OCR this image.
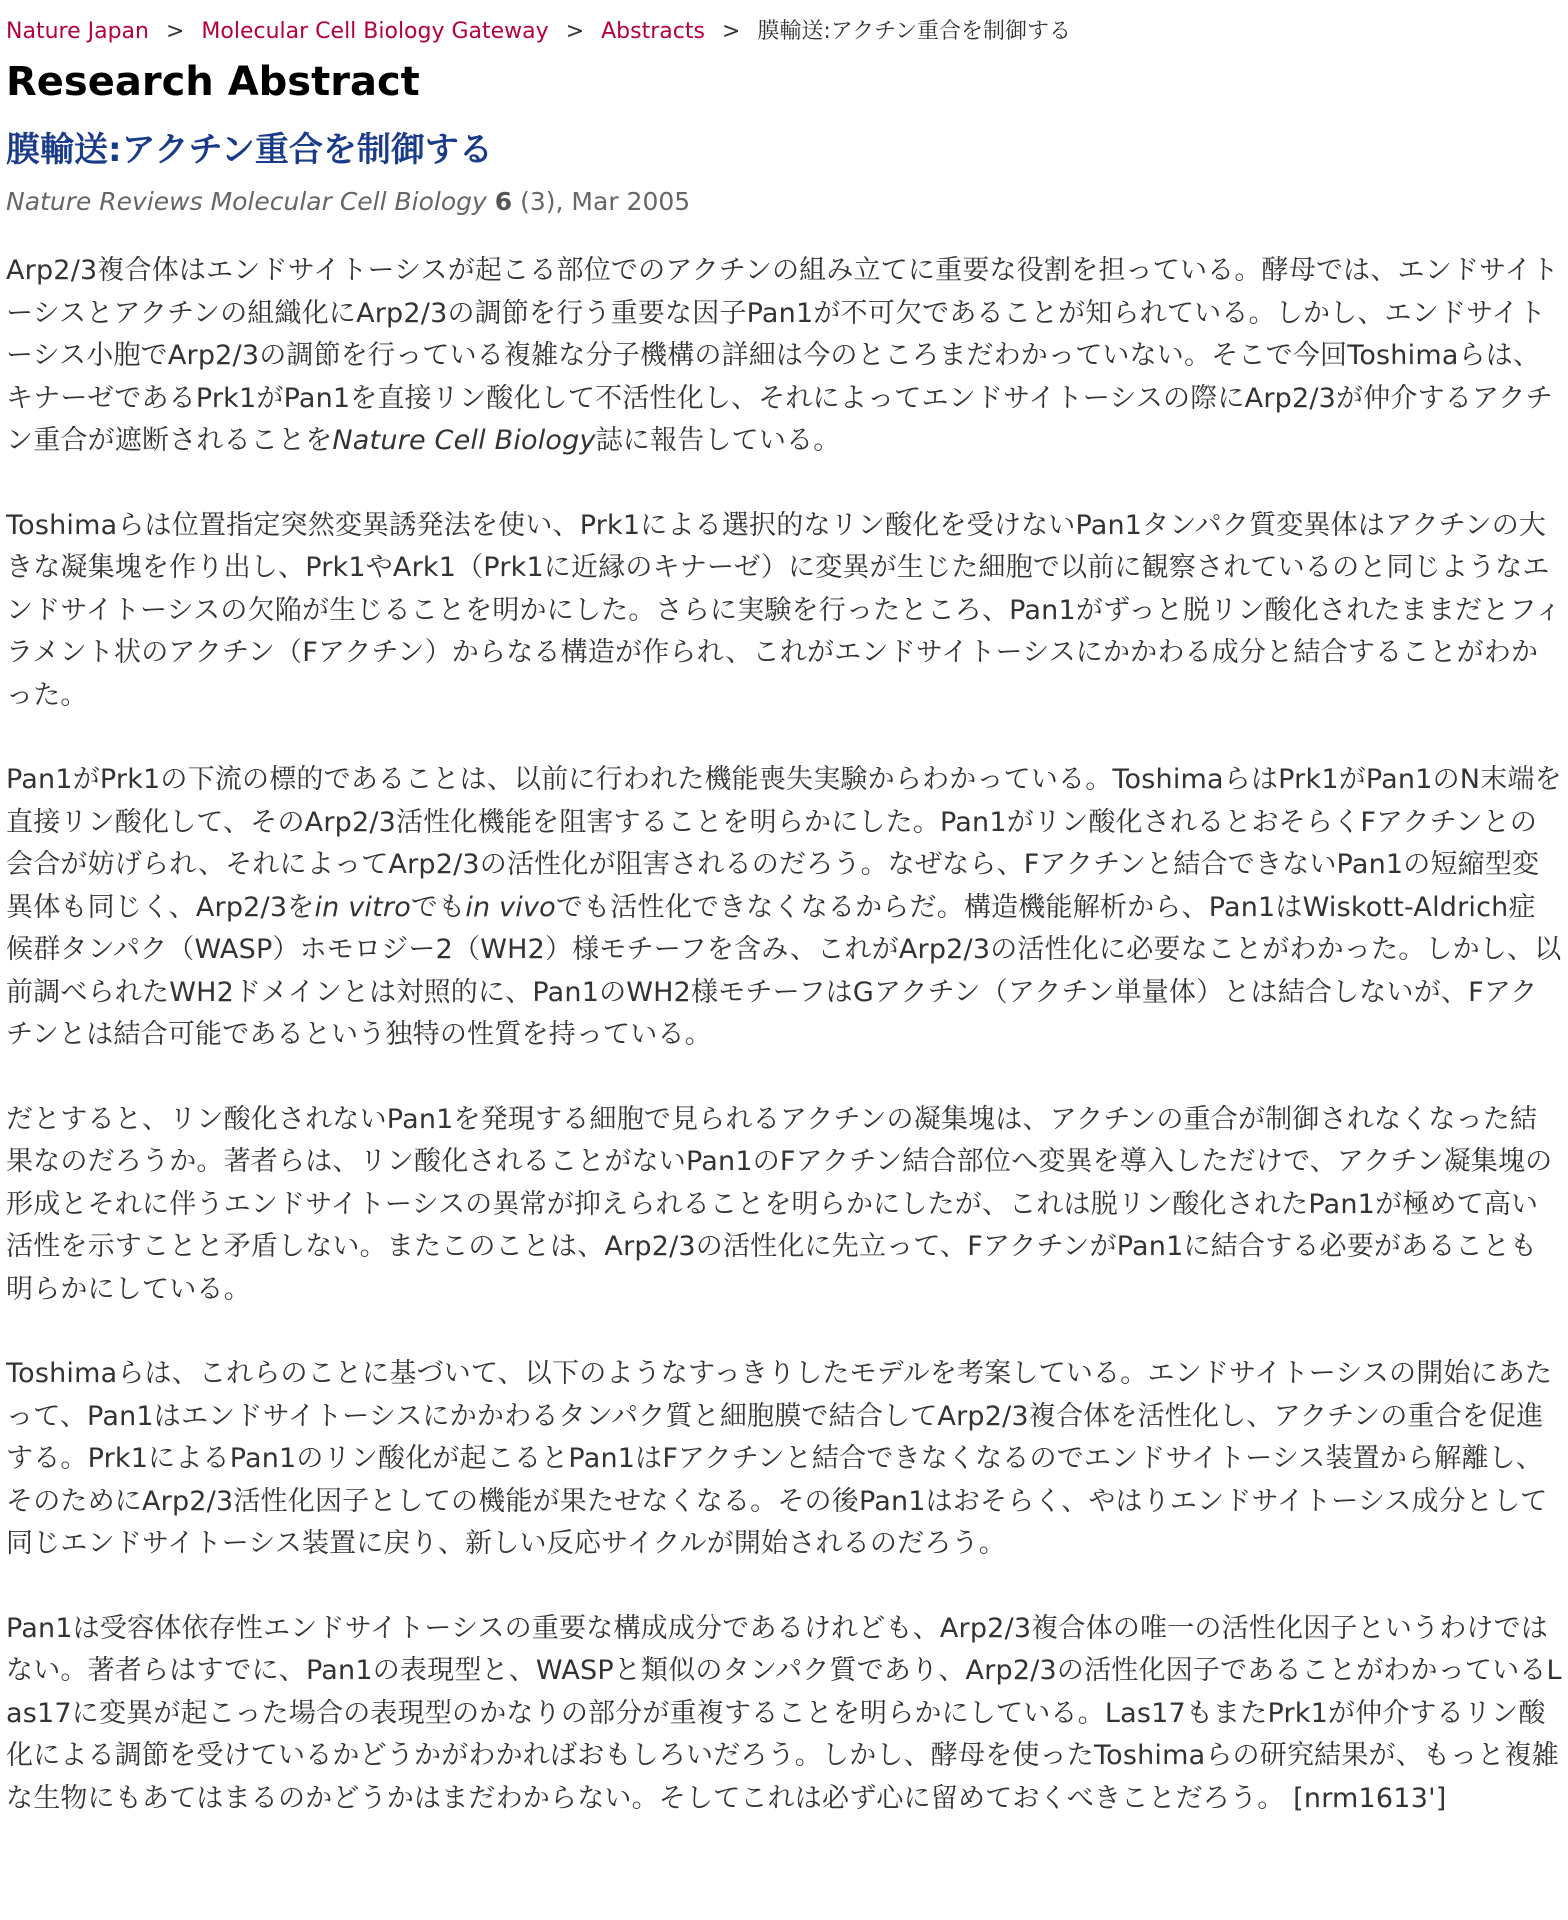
Nature Japan > Molecular Cell Biology Gateway > Abstracts > 膜輸送:アクチン重合を制御する
Research Abstract
膜輸送:アクチン重合を制御する
Nature Reviews Molecular Cell Biology 6 (3), Mar 2005

Arp2/3複合体はエンドサイトーシスが起こる部位でのアクチンの組み立てに重要な役割を担っている。酵母では、エンドサイトーシスとアクチンの組織化にArp2/3の調節を行う重要な因子Pan1が不可欠であることが知られている。しかし、エンドサイトーシス小胞でArp2/3の調節を行っている複雑な分子機構の詳細は今のところまだわかっていない。そこで今回Toshimaらは、キナーゼであるPrk1がPan1を直接リン酸化して不活性化し、それによってエンドサイトーシスの際にArp2/3が仲介するアクチン重合が遮断されることをNature Cell Biology誌に報告している。

Toshimaらは位置指定突然変異誘発法を使い、Prk1による選択的なリン酸化を受けないPan1タンパク質変異体はアクチンの大きな凝集塊を作り出し、Prk1やArk1（Prk1に近縁のキナーゼ）に変異が生じた細胞で以前に観察されているのと同じようなエンドサイトーシスの欠陥が生じることを明かにした。さらに実験を行ったところ、Pan1がずっと脱リン酸化されたままだとフィラメント状のアクチン（Fアクチン）からなる構造が作られ、これがエンドサイトーシスにかかわる成分と結合することがわかった。

Pan1がPrk1の下流の標的であることは、以前に行われた機能喪失実験からわかっている。ToshimaらはPrk1がPan1のN末端を直接リン酸化して、そのArp2/3活性化機能を阻害することを明らかにした。Pan1がリン酸化されるとおそらくFアクチンとの会合が妨げられ、それによってArp2/3の活性化が阻害されるのだろう。なぜなら、Fアクチンと結合できないPan1の短縮型変異体も同じく、Arp2/3をin vitroでもin vivoでも活性化できなくなるからだ。構造機能解析から、Pan1はWiskott-Aldrich症候群タンパク（WASP）ホモロジー2（WH2）様モチーフを含み、これがArp2/3の活性化に必要なことがわかった。しかし、以前調べられたWH2ドメインとは対照的に、Pan1のWH2様モチーフはGアクチン（アクチン単量体）とは結合しないが、Fアクチンとは結合可能であるという独特の性質を持っている。

だとすると、リン酸化されないPan1を発現する細胞で見られるアクチンの凝集塊は、アクチンの重合が制御されなくなった結果なのだろうか。著者らは、リン酸化されることがないPan1のFアクチン結合部位へ変異を導入しただけで、アクチン凝集塊の形成とそれに伴うエンドサイトーシスの異常が抑えられることを明らかにしたが、これは脱リン酸化されたPan1が極めて高い活性を示すことと矛盾しない。またこのことは、Arp2/3の活性化に先立って、FアクチンがPan1に結合する必要があることも明らかにしている。

Toshimaらは、これらのことに基づいて、以下のようなすっきりしたモデルを考案している。エンドサイトーシスの開始にあたって、Pan1はエンドサイトーシスにかかわるタンパク質と細胞膜で結合してArp2/3複合体を活性化し、アクチンの重合を促進する。Prk1によるPan1のリン酸化が起こるとPan1はFアクチンと結合できなくなるのでエンドサイトーシス装置から解離し、そのためにArp2/3活性化因子としての機能が果たせなくなる。その後Pan1はおそらく、やはりエンドサイトーシス成分として同じエンドサイトーシス装置に戻り、新しい反応サイクルが開始されるのだろう。

Pan1は受容体依存性エンドサイトーシスの重要な構成成分であるけれども、Arp2/3複合体の唯一の活性化因子というわけではない。著者らはすでに、Pan1の表現型と、WASPと類似のタンパク質であり、Arp2/3の活性化因子であることがわかっているLas17に変異が起こった場合の表現型のかなりの部分が重複することを明らかにしている。Las17もまたPrk1が仲介するリン酸化による調節を受けているかどうかがわかればおもしろいだろう。しかし、酵母を使ったToshimaらの研究結果が、もっと複雑な生物にもあてはまるのかどうかはまだわからない。そしてこれは必ず心に留めておくべきことだろう。 [nrm1613']
